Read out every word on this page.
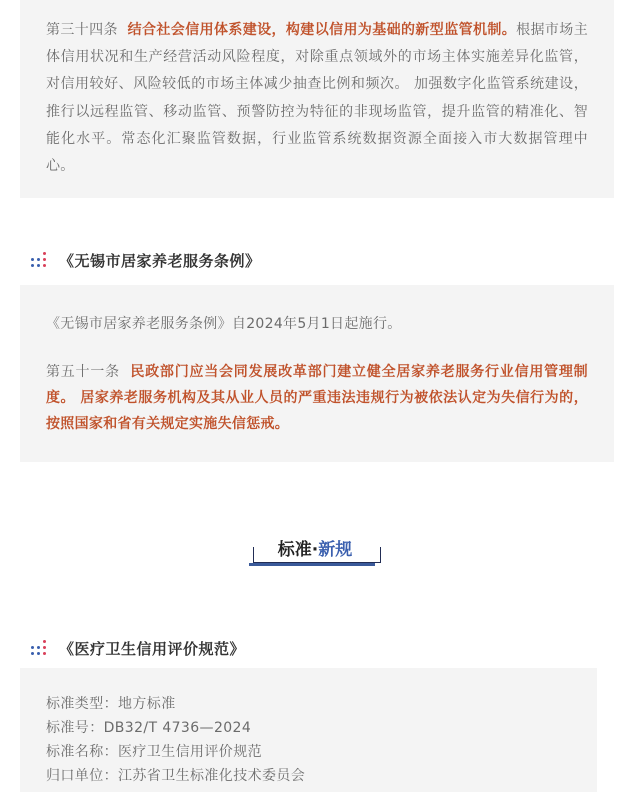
第三十四条 结合社会信用体系建设，构建以信用为基础的新型监管机制。根据市场主体信用状况和生产经营活动风险程度，对除重点领域外的市场主体实施差异化监管，对信用较好、风险较低的市场主体减少抽查比例和频次。 加强数字化监管系统建设，推行以远程监管、移动监管、预警防控为特征的非现场监管，提升监管的精准化、智能化水平。常态化汇聚监管数据，行业监管系统数据资源全面接入市大数据管理中心。

《无锡市居家养老服务条例》

《无锡市居家养老服务条例》自2024年5月1日起施行。

第五十一条 民政部门应当会同发展改革部门建立健全居家养老服务行业信用管理制度。 居家养老服务机构及其从业人员的严重违法违规行为被依法认定为失信行为的，按照国家和省有关规定实施失信惩戒。

标准·新规
《医疗卫生信用评价规范》

标准类型：地方标准

标准号：DB32/T 4736—2024

标准名称：医疗卫生信用评价规范

归口单位：江苏省卫生标准化技术委员会
